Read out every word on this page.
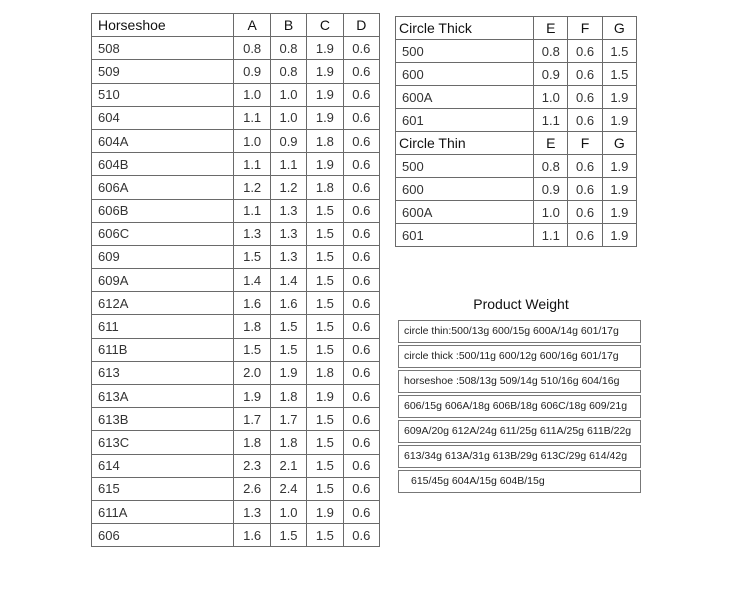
Horseshoe	A	B	C	D
508	0.8	0.8	1.9	0.6
509	0.9	0.8	1.9	0.6
510	1.0	1.0	1.9	0.6
604	1.1	1.0	1.9	0.6
604A	1.0	0.9	1.8	0.6
604B	1.1	1.1	1.9	0.6
606A	1.2	1.2	1.8	0.6
606B	1.1	1.3	1.5	0.6
606C	1.3	1.3	1.5	0.6
609	1.5	1.3	1.5	0.6
609A	1.4	1.4	1.5	0.6
612A	1.6	1.6	1.5	0.6
611	1.8	1.5	1.5	0.6
611B	1.5	1.5	1.5	0.6
613	2.0	1.9	1.8	0.6
613A	1.9	1.8	1.9	0.6
613B	1.7	1.7	1.5	0.6
613C	1.8	1.8	1.5	0.6
614	2.3	2.1	1.5	0.6
615	2.6	2.4	1.5	0.6
611A	1.3	1.0	1.9	0.6
606	1.6	1.5	1.5	0.6
Circle Thick	E	F	G
500	0.8	0.6	1.5
600	0.9	0.6	1.5
600A	1.0	0.6	1.9
601	1.1	0.6	1.9
Circle Thin	E	F	G
500	0.8	0.6	1.9
600	0.9	0.6	1.9
600A	1.0	0.6	1.9
601	1.1	0.6	1.9
Product Weight
circle thin:500/13g 600/15g 600A/14g 601/17g
circle thick :500/11g 600/12g 600/16g 601/17g
horseshoe :508/13g 509/14g 510/16g 604/16g
606/15g 606A/18g 606B/18g 606C/18g 609/21g
609A/20g 612A/24g 611/25g 611A/25g 611B/22g
613/34g 613A/31g 613B/29g 613C/29g 614/42g
615/45g 604A/15g 604B/15g
